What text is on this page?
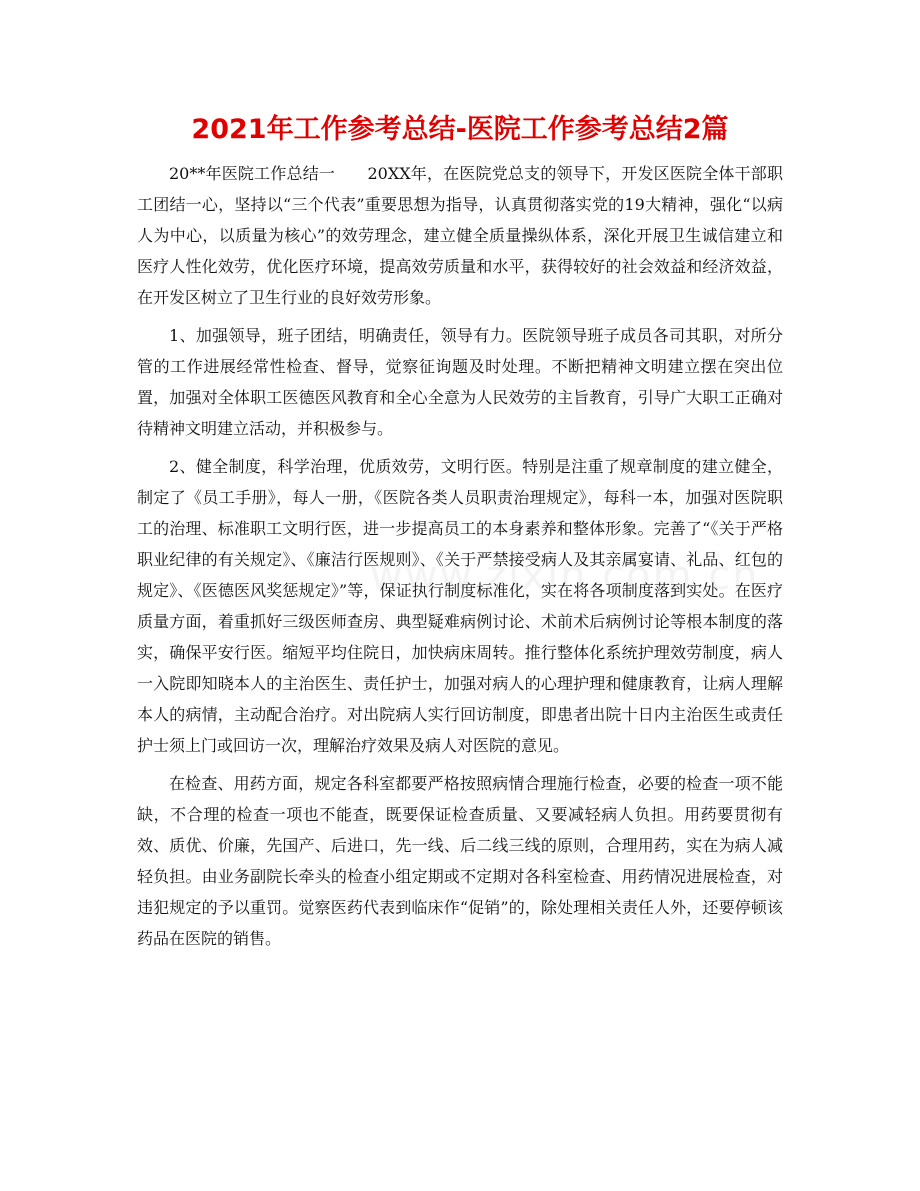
2021年工作参考总结-医院工作参考总结2篇

20**年医院工作总结一　　20XX年，在医院党总支的领导下，开发区医院全体干部职工团结一心，坚持以“三个代表”重要思想为指导，认真贯彻落实党的19大精神，强化“以病人为中心，以质量为核心”的效劳理念，建立健全质量操纵体系，深化开展卫生诚信建立和医疗人性化效劳，优化医疗环境，提高效劳质量和水平，获得较好的社会效益和经济效益，在开发区树立了卫生行业的良好效劳形象。

1、加强领导，班子团结，明确责任，领导有力。医院领导班子成员各司其职，对所分管的工作进展经常性检查、督导，觉察征询题及时处理。不断把精神文明建立摆在突出位置，加强对全体职工医德医风教育和全心全意为人民效劳的主旨教育，引导广大职工正确对待精神文明建立活动，并积极参与。

2、健全制度，科学治理，优质效劳，文明行医。特别是注重了规章制度的建立健全，制定了《员工手册》，每人一册，《医院各类人员职责治理规定》，每科一本，加强对医院职工的治理、标准职工文明行医，进一步提高员工的本身素养和整体形象。完善了“《关于严格职业纪律的有关规定》、《廉洁行医规则》、《关于严禁接受病人及其亲属宴请、礼品、红包的规定》、《医德医风奖惩规定》”等，保证执行制度标准化，实在将各项制度落到实处。在医疗质量方面，着重抓好三级医师查房、典型疑难病例讨论、术前术后病例讨论等根本制度的落实，确保平安行医。缩短平均住院日，加快病床周转。推行整体化系统护理效劳制度，病人一入院即知晓本人的主治医生、责任护士，加强对病人的心理护理和健康教育，让病人理解本人的病情，主动配合治疗。对出院病人实行回访制度，即患者出院十日内主治医生或责任护士须上门或回访一次，理解治疗效果及病人对医院的意见。

在检查、用药方面，规定各科室都要严格按照病情合理施行检查，必要的检查一项不能缺，不合理的检查一项也不能查，既要保证检查质量、又要减轻病人负担。用药要贯彻有效、质优、价廉，先国产、后进口，先一线、后二线三线的原则，合理用药，实在为病人减轻负担。由业务副院长牵头的检查小组定期或不定期对各科室检查、用药情况进展检查，对违犯规定的予以重罚。觉察医药代表到临床作“促销”的，除处理相关责任人外，还要停顿该药品在医院的销售。
